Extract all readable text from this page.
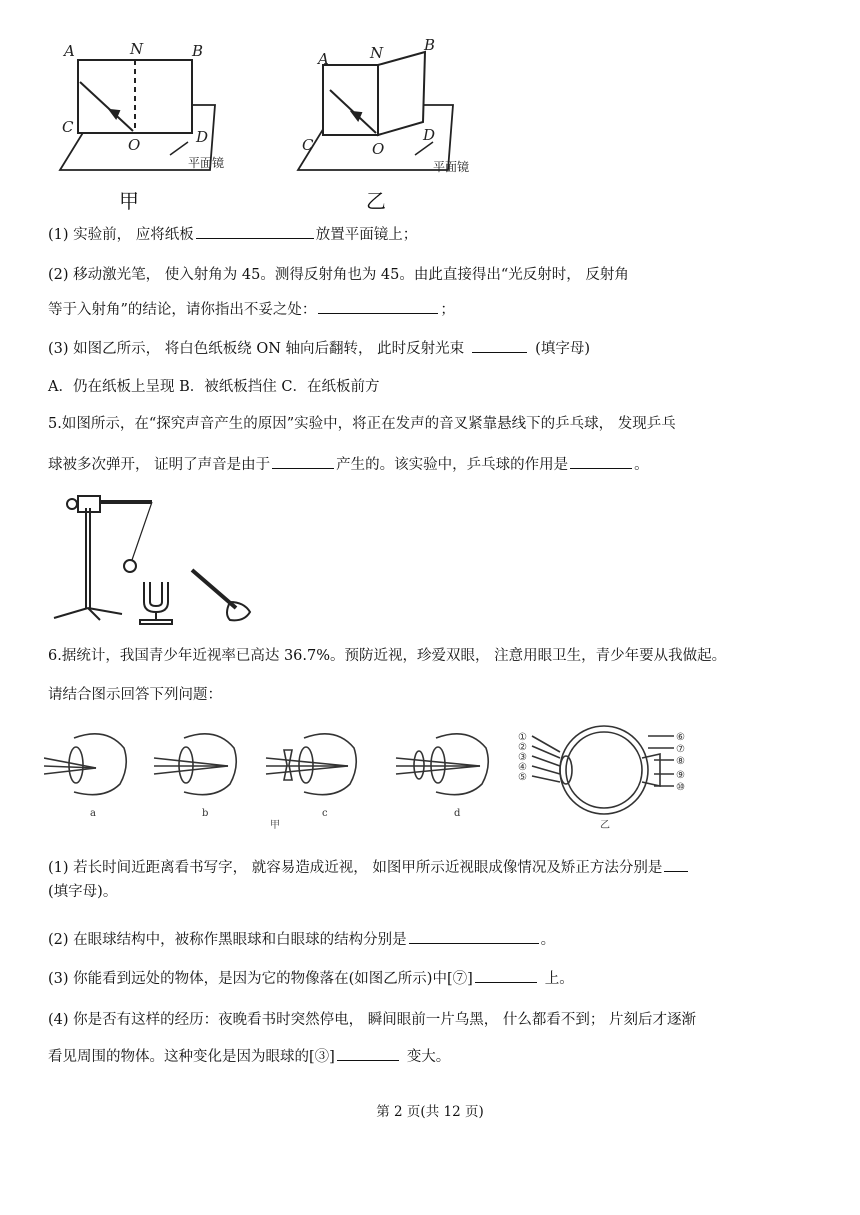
A	N	B
C
O	D
A	N	B
C	O
D
平面镜	平面镜
甲	乙
(1) 实验前， 应将纸板	放置平面镜上；
(2) 移动激光笔， 使入射角为 45。测得反射角也为 45。由此直接得出“光反射时， 反射角
等于入射角”的结论，请你指出不妥之处：	；
(3) 如图乙所示， 将白色纸板绕 ON 轴向后翻转， 此时反射光束	(填字母)
A．仍在纸板上呈现 B．被纸板挡住 C．在纸板前方
5.如图所示，在“探究声音产生的原因”实验中，将正在发声的音叉紧靠悬线下的乒乓球， 发现乒乓
球被多次弹开， 证明了声音是由于	产生的。该实验中，乒乓球的作用是	。
6.据统计，我国青少年近视率已高达 36.7%。预防近视，珍爱双眼， 注意用眼卫生，青少年要从我做起。
请结合图示回答下列问题：
a	b	c	d
甲	乙
①
②
③
④
⑤
⑥
⑦
⑧
⑨
⑩
(1) 若长时间近距离看书写字， 就容易造成近视， 如图甲所示近视眼成像情况及矫正方法分别是
(填字母)。
(2) 在眼球结构中，被称作黑眼球和白眼球的结构分别是	。
(3) 你能看到远处的物体，是因为它的物像落在(如图乙所示)中[⑦]	上。
(4) 你是否有这样的经历：夜晚看书时突然停电， 瞬间眼前一片乌黑， 什么都看不到； 片刻后才逐渐
看见周围的物体。这种变化是因为眼球的[③]	变大。
第 2 页(共 12 页)
